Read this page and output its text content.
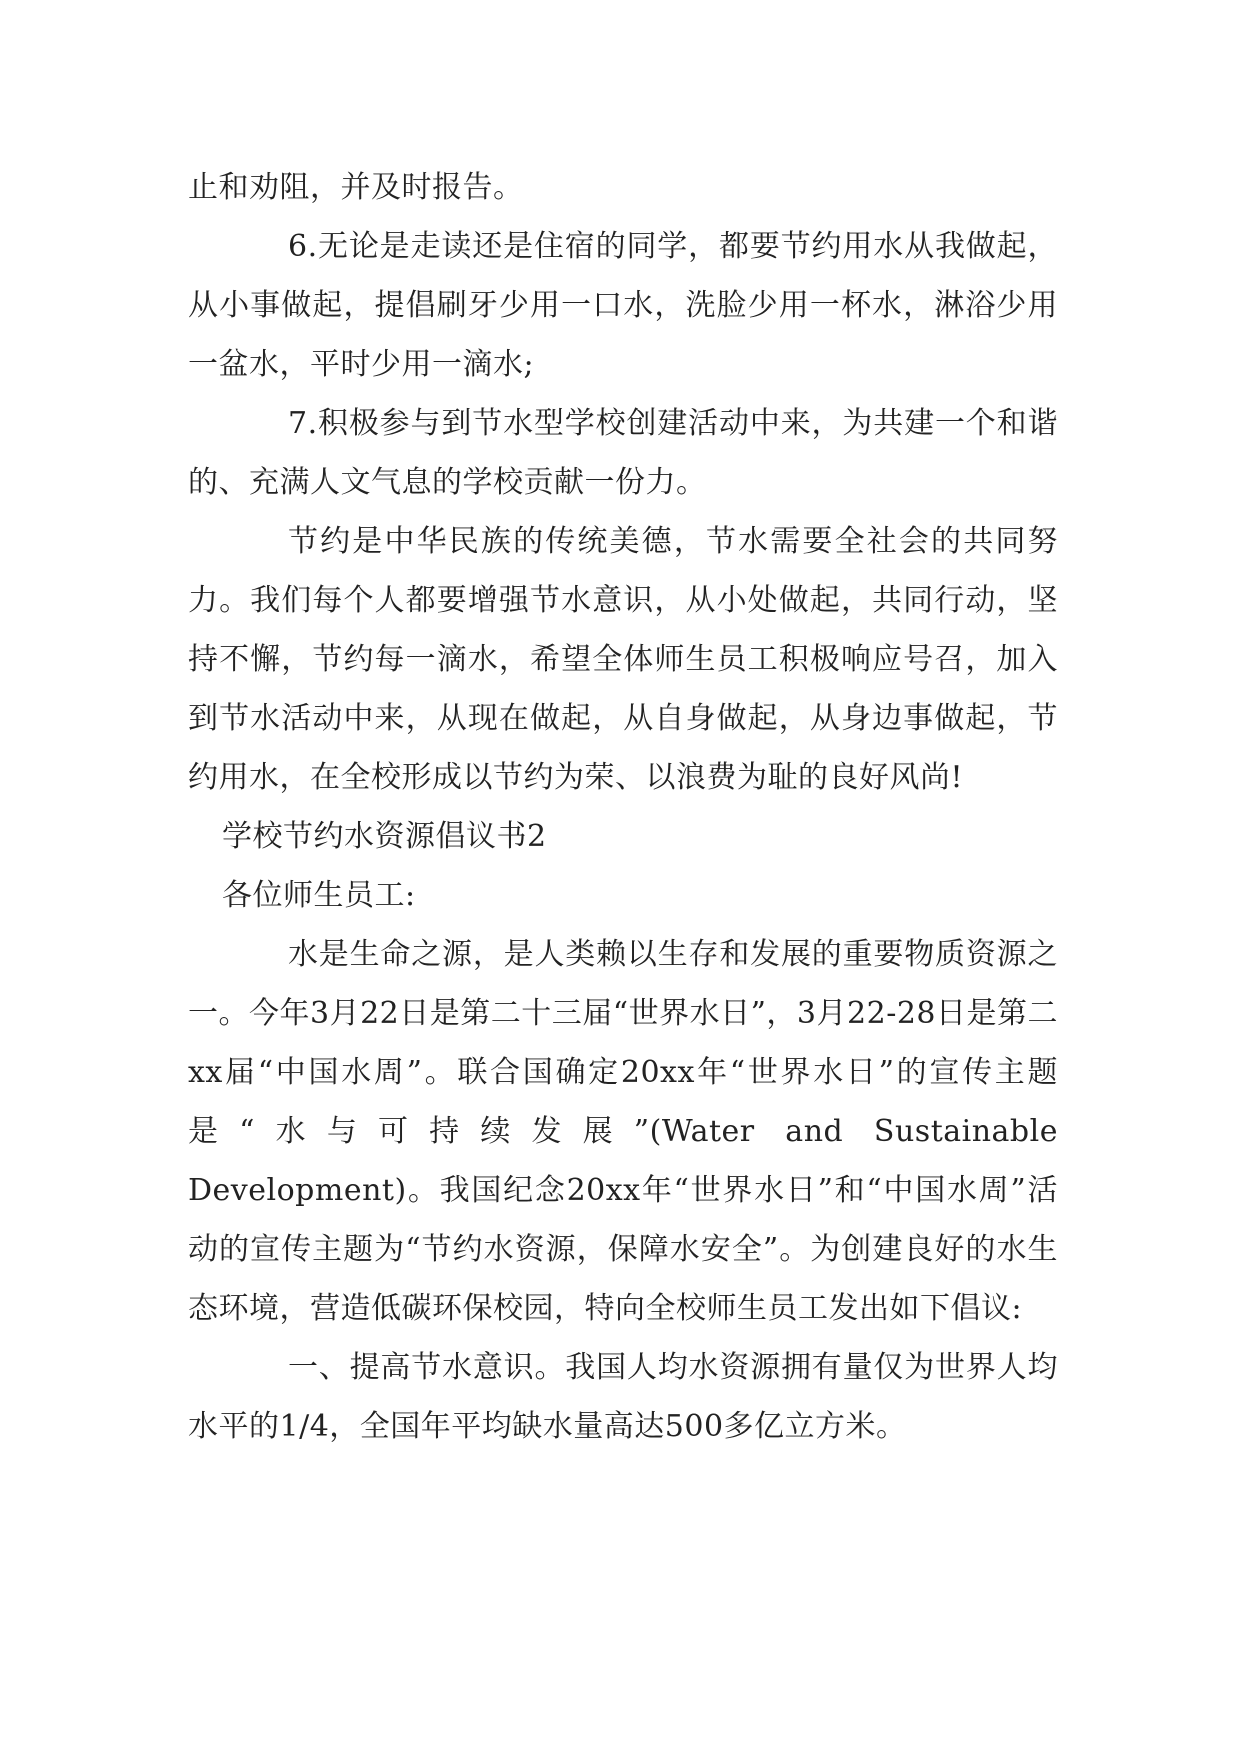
止和劝阻，并及时报告。

6.无论是走读还是住宿的同学，都要节约用水从我做起，从小事做起，提倡刷牙少用一口水，洗脸少用一杯水，淋浴少用一盆水，平时少用一滴水;

7.积极参与到节水型学校创建活动中来，为共建一个和谐的、充满人文气息的学校贡献一份力。

节约是中华民族的传统美德，节水需要全社会的共同努力。我们每个人都要增强节水意识，从小处做起，共同行动，坚持不懈，节约每一滴水，希望全体师生员工积极响应号召，加入到节水活动中来，从现在做起，从自身做起，从身边事做起，节约用水，在全校形成以节约为荣、以浪费为耻的良好风尚!

学校节约水资源倡议书2

各位师生员工:

水是生命之源，是人类赖以生存和发展的重要物质资源之一。今年3月22日是第二十三届“世界水日”，3月22-28日是第二xx届“中国水周”。联合国确定20xx年“世界水日”的宣传主题是“水与可持续发展”(Water and Sustainable Development)。我国纪念20xx年“世界水日”和“中国水周”活动的宣传主题为“节约水资源，保障水安全”。为创建良好的水生态环境，营造低碳环保校园，特向全校师生员工发出如下倡议:

一、提高节水意识。我国人均水资源拥有量仅为世界人均水平的1/4，全国年平均缺水量高达500多亿立方米。
